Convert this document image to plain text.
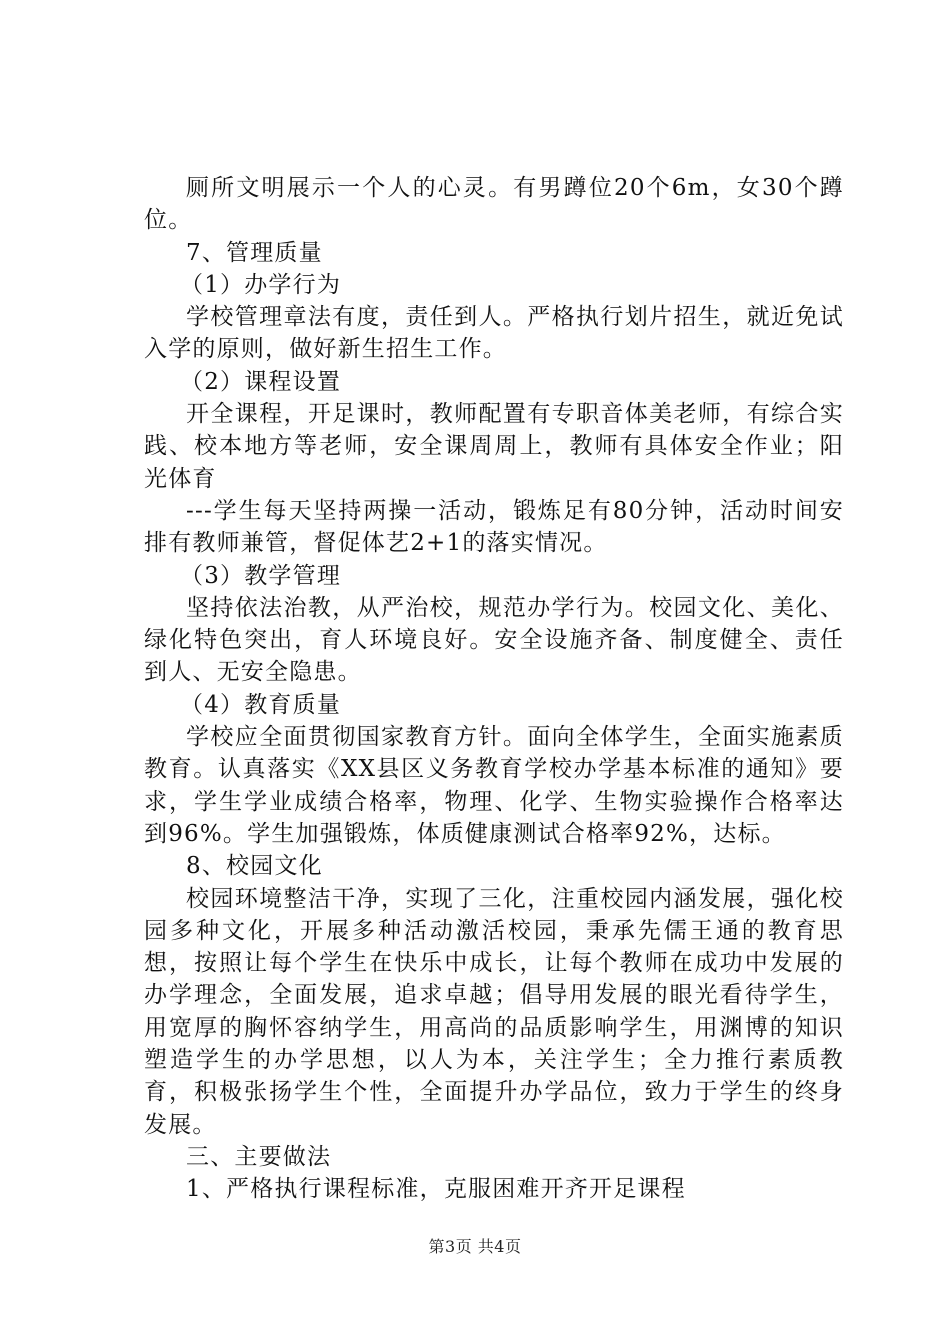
厕所文明展示一个人的心灵。有男蹲位20个6m，女30个蹲位。

7、管理质量

（1）办学行为

学校管理章法有度，责任到人。严格执行划片招生，就近免试入学的原则，做好新生招生工作。

（2）课程设置

开全课程，开足课时，教师配置有专职音体美老师，有综合实践、校本地方等老师，安全课周周上，教师有具体安全作业；阳光体育

---学生每天坚持两操一活动，锻炼足有80分钟，活动时间安排有教师兼管，督促体艺2+1的落实情况。

（3）教学管理

坚持依法治教，从严治校，规范办学行为。校园文化、美化、绿化特色突出，育人环境良好。安全设施齐备、制度健全、责任到人、无安全隐患。

（4）教育质量

学校应全面贯彻国家教育方针。面向全体学生，全面实施素质教育。认真落实《XX县区义务教育学校办学基本标准的通知》要求，学生学业成绩合格率，物理、化学、生物实验操作合格率达到96%。学生加强锻炼，体质健康测试合格率92%，达标。

8、校园文化

校园环境整洁干净，实现了三化，注重校园内涵发展，强化校园多种文化，开展多种活动激活校园，秉承先儒王通的教育思想，按照让每个学生在快乐中成长，让每个教师在成功中发展的办学理念，全面发展，追求卓越；倡导用发展的眼光看待学生，用宽厚的胸怀容纳学生，用高尚的品质影响学生，用渊博的知识塑造学生的办学思想，以人为本，关注学生；全力推行素质教育，积极张扬学生个性，全面提升办学品位，致力于学生的终身发展。

三、主要做法

1、严格执行课程标准，克服困难开齐开足课程

第3页 共4页
